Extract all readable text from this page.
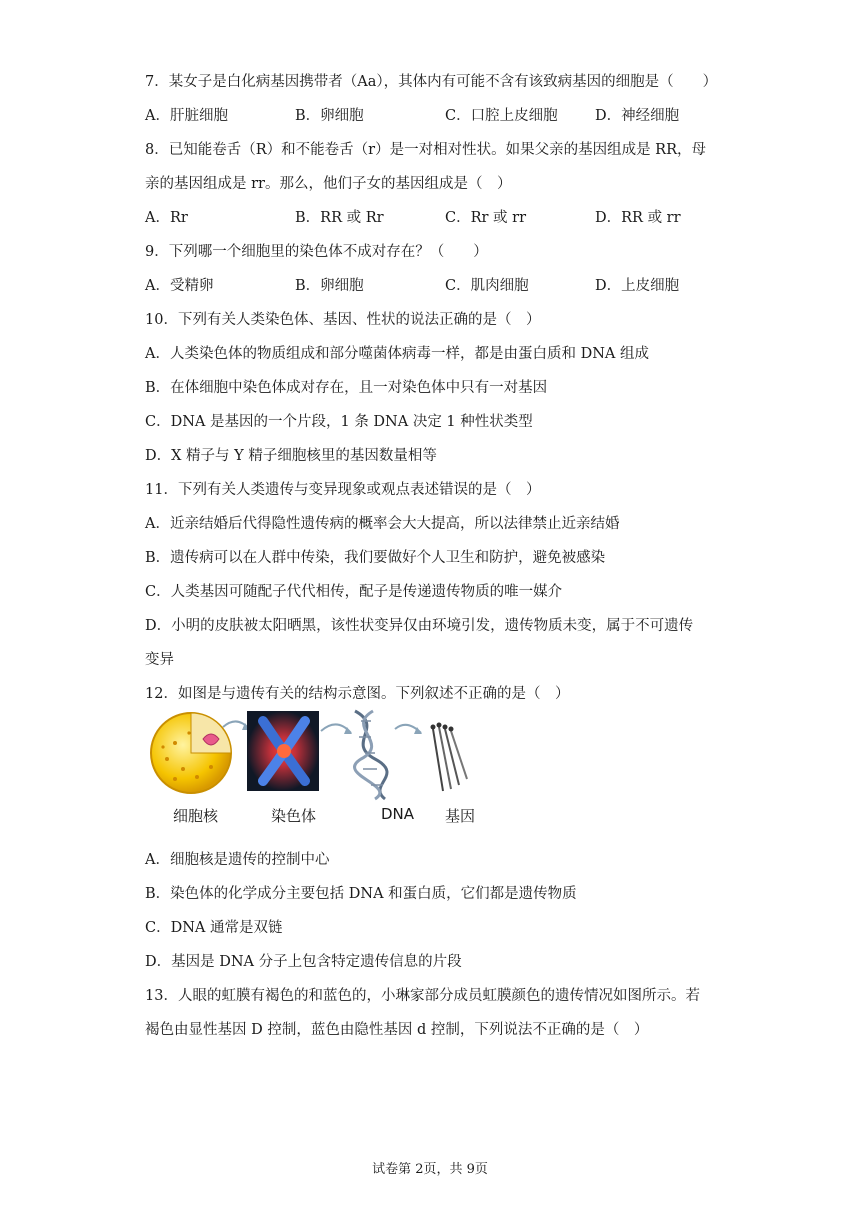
7．某女子是白化病基因携带者（Aa），其体内有可能不含有该致病基因的细胞是（　　）
A．肝脏细胞	B．卵细胞	C．口腔上皮细胞	D．神经细胞
8．已知能卷舌（R）和不能卷舌（r）是一对相对性状。如果父亲的基因组成是 RR，母
亲的基因组成是 rr。那么，他们子女的基因组成是（　）
A．Rr	B．RR 或 Rr	C．Rr 或 rr	D．RR 或 rr
9．下列哪一个细胞里的染色体不成对存在？（　　）
A．受精卵	B．卵细胞	C．肌肉细胞	D．上皮细胞
10．下列有关人类染色体、基因、性状的说法正确的是（　）
A．人类染色体的物质组成和部分噬菌体病毒一样，都是由蛋白质和 DNA 组成
B．在体细胞中染色体成对存在，且一对染色体中只有一对基因
C．DNA 是基因的一个片段，1 条 DNA 决定 1 种性状类型
D．X 精子与 Y 精子细胞核里的基因数量相等
11．下列有关人类遗传与变异现象或观点表述错误的是（　）
A．近亲结婚后代得隐性遗传病的概率会大大提高，所以法律禁止近亲结婚
B．遗传病可以在人群中传染，我们要做好个人卫生和防护，避免被感染
C．人类基因可随配子代代相传，配子是传递遗传物质的唯一媒介
D．小明的皮肤被太阳晒黑，该性状变异仅由环境引发，遗传物质未变，属于不可遗传
变异
12．如图是与遗传有关的结构示意图。下列叙述不正确的是（　）
细胞核	染色体	DNA 基因
A．细胞核是遗传的控制中心
B．染色体的化学成分主要包括 DNA 和蛋白质，它们都是遗传物质
C．DNA 通常是双链
D．基因是 DNA 分子上包含特定遗传信息的片段
13．人眼的虹膜有褐色的和蓝色的，小琳家部分成员虹膜颜色的遗传情况如图所示。若
褐色由显性基因 D 控制，蓝色由隐性基因 d 控制，下列说法不正确的是（　）
试卷第 2页，共 9页
